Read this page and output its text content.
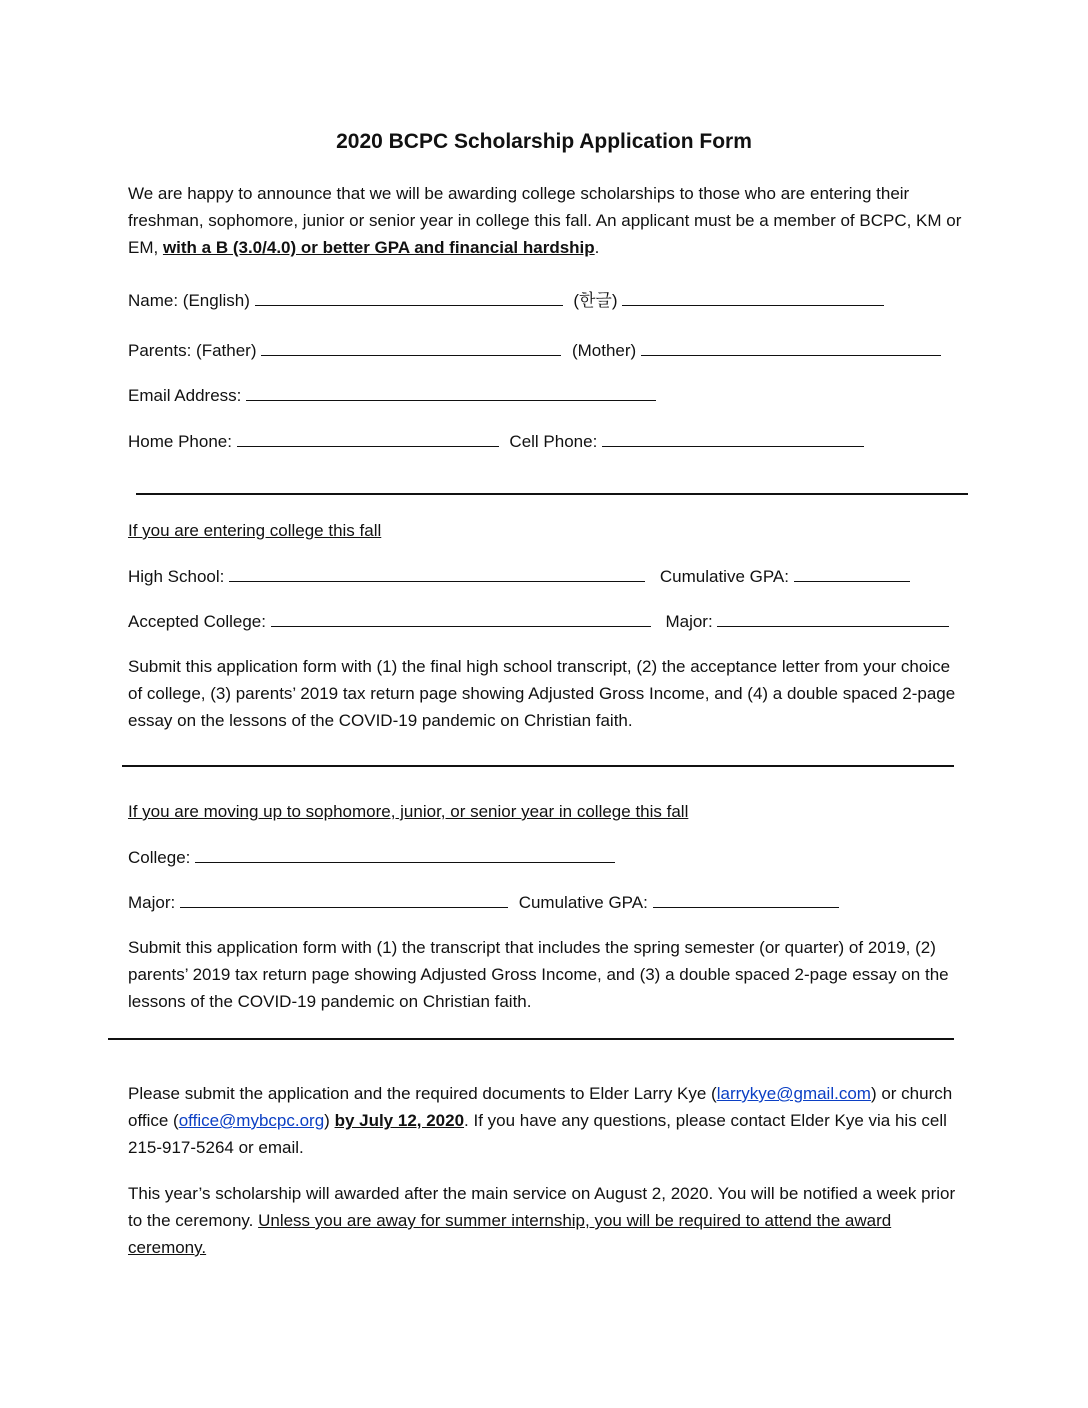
2020 BCPC Scholarship Application Form
We are happy to announce that we will be awarding college scholarships to those who are entering their freshman, sophomore, junior or senior year in college this fall. An applicant must be a member of BCPC, KM or EM, with a B (3.0/4.0) or better GPA and financial hardship.
Name: (English)	(한글)
Parents: (Father)	(Mother)
Email Address:
Home Phone:	Cell Phone:
If you are entering college this fall
High School:	Cumulative GPA:
Accepted College:	Major:
Submit this application form with (1) the final high school transcript, (2) the acceptance letter from your choice of college, (3) parents’ 2019 tax return page showing Adjusted Gross Income, and (4) a double spaced 2-page essay on the lessons of the COVID-19 pandemic on Christian faith.
If you are moving up to sophomore, junior, or senior year in college this fall
College:
Major:	Cumulative GPA:
Submit this application form with (1) the transcript that includes the spring semester (or quarter) of 2019, (2) parents’ 2019 tax return page showing Adjusted Gross Income, and (3) a double spaced 2-page essay on the lessons of the COVID-19 pandemic on Christian faith.
Please submit the application and the required documents to Elder Larry Kye (larrykye@gmail.com) or church office (office@mybcpc.org) by July 12, 2020. If you have any questions, please contact Elder Kye via his cell 215-917-5264 or email.
This year’s scholarship will awarded after the main service on August 2, 2020. You will be notified a week prior to the ceremony. Unless you are away for summer internship, you will be required to attend the award ceremony.
